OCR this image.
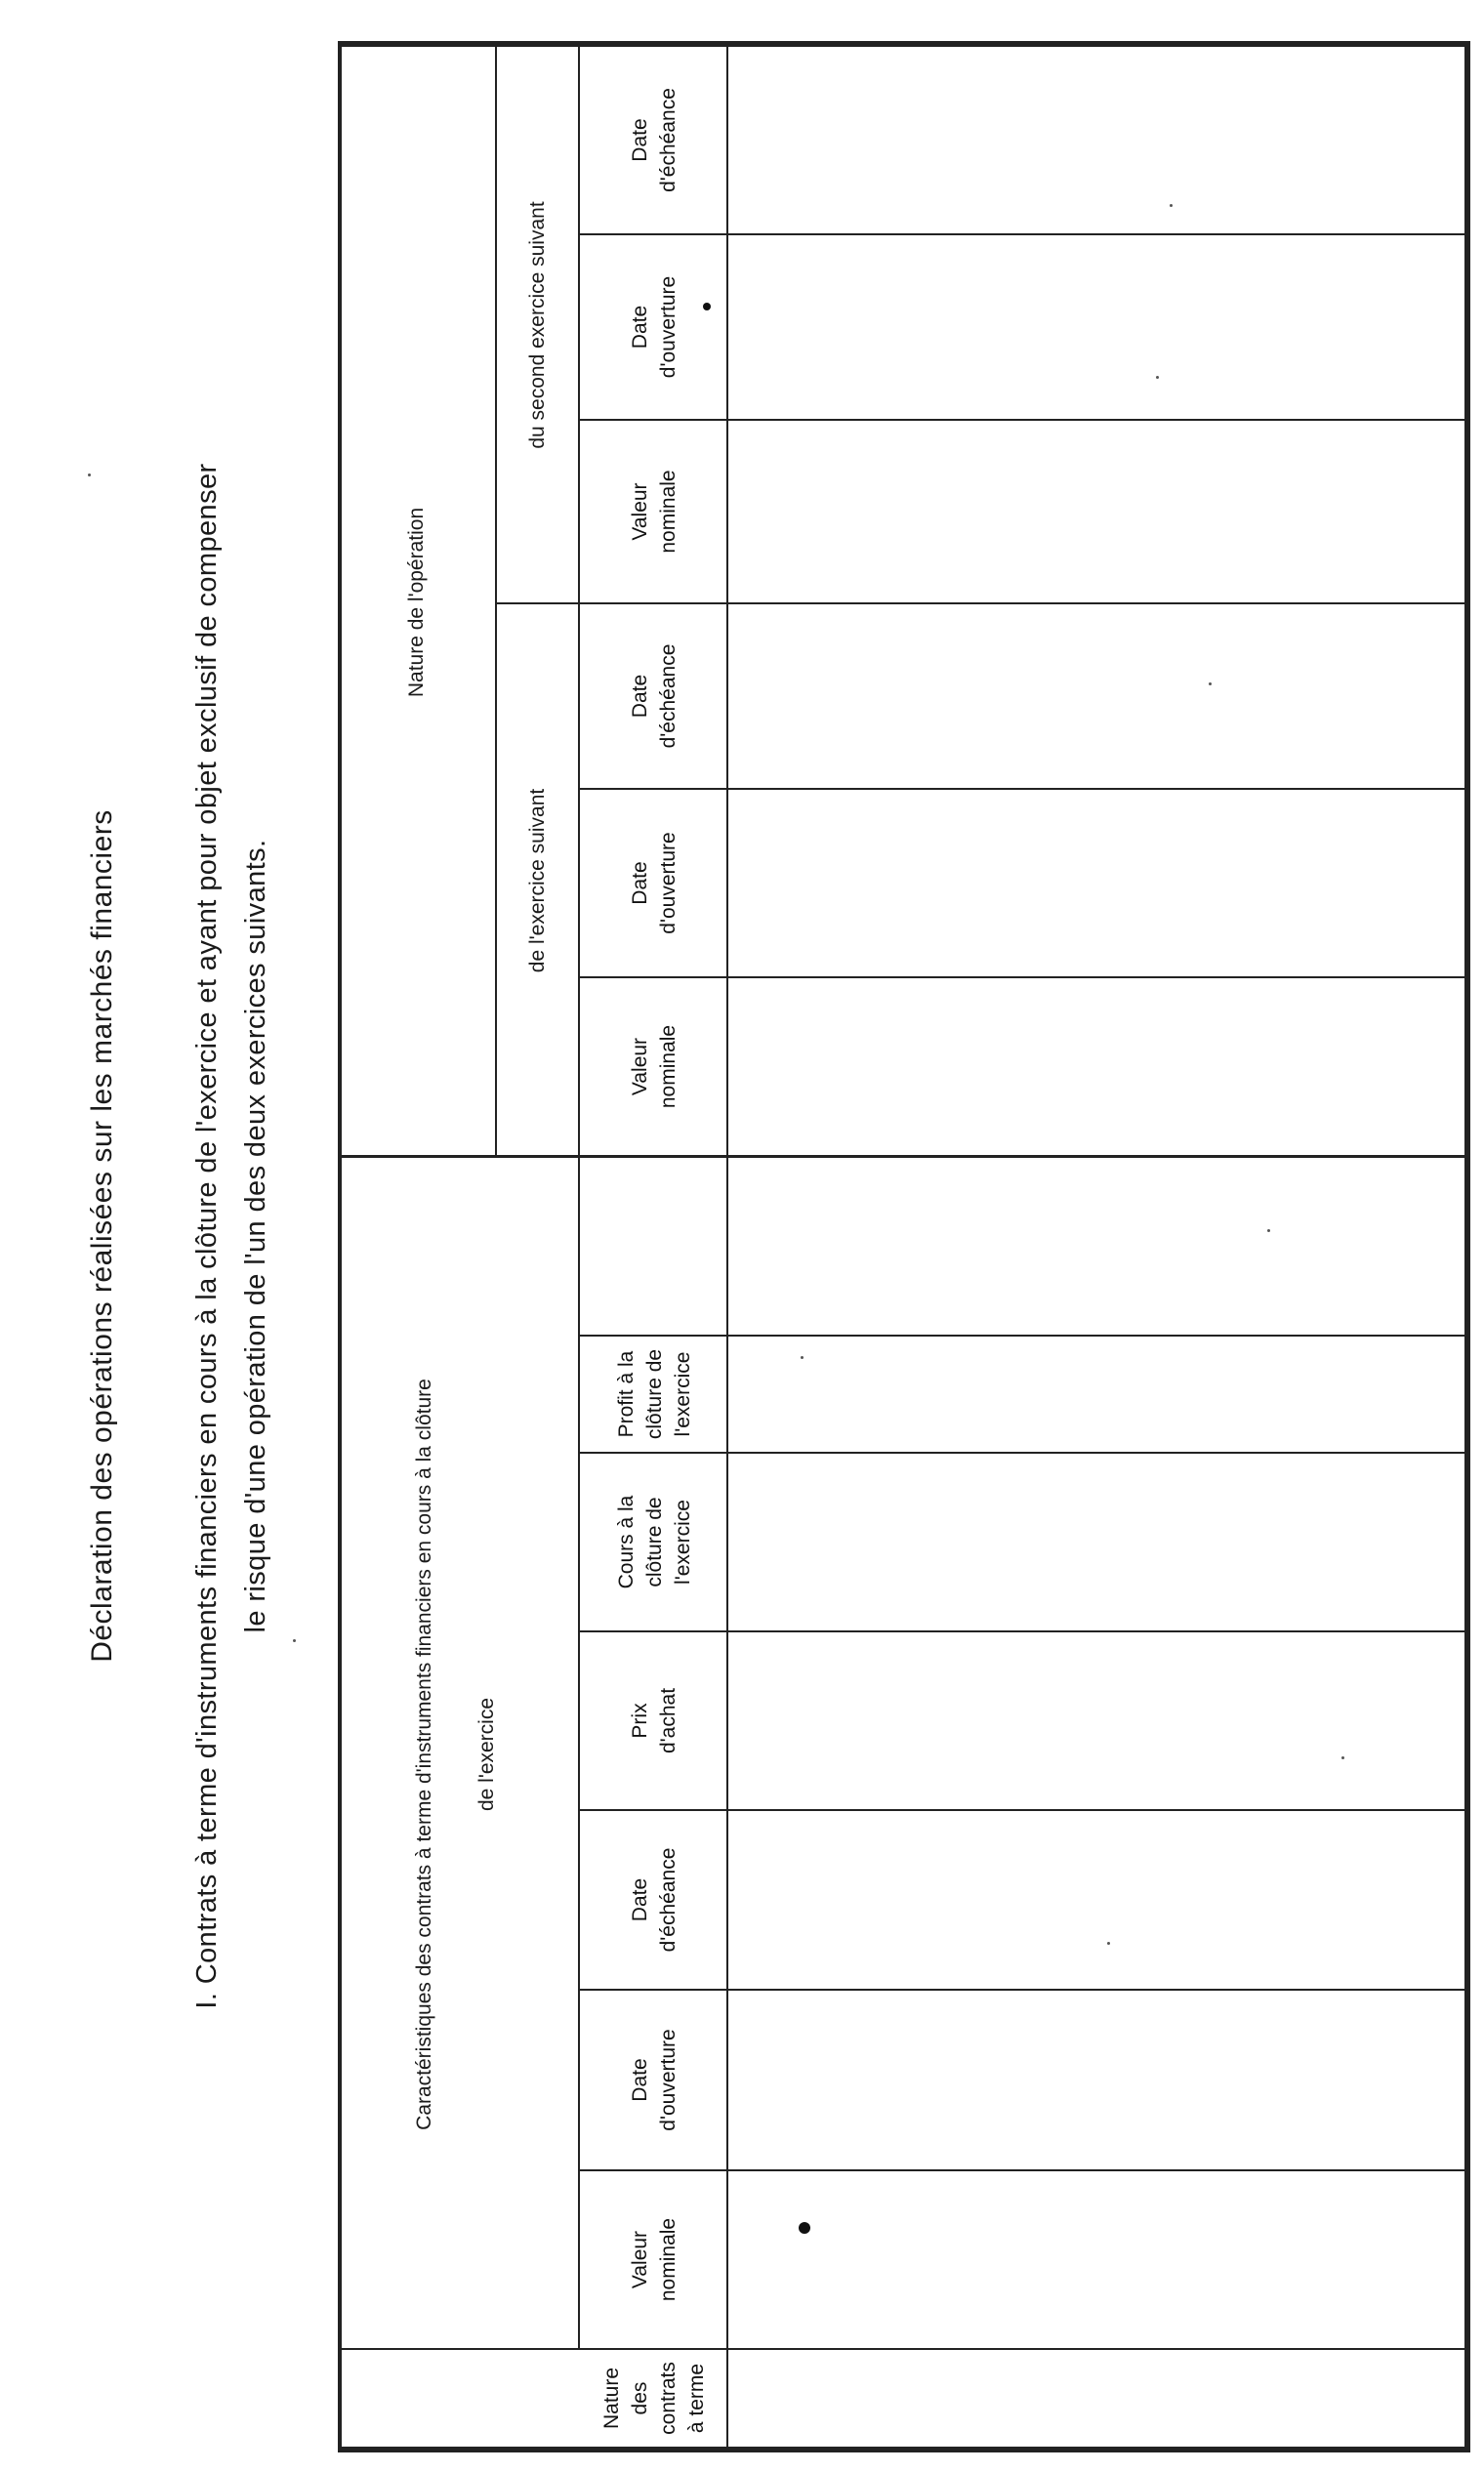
Déclaration des opérations réalisées sur les marchés financiers	I. Contrats à terme d'instruments financiers en cours à la clôture de l'exercice et ayant pour objet exclusif de compenser le risque d'une opération de l'un des deux exercices suivants.
Caractéristiques des contrats à terme d'instruments financiers en cours à la clôture de l'exercice
Nature de l'opération
de l'exercice suivant
du second exercice suivant
Nature des contrats à terme
Valeur nominale
Date d'ouverture
Date d'échéance
Prix d'achat
Cours à la clôture de l'exercice
Profit à la clôture de l'exercice
Valeur nominale
Date d'ouverture
Date d'échéance
Valeur nominale
Date d'ouverture
Date d'échéance
